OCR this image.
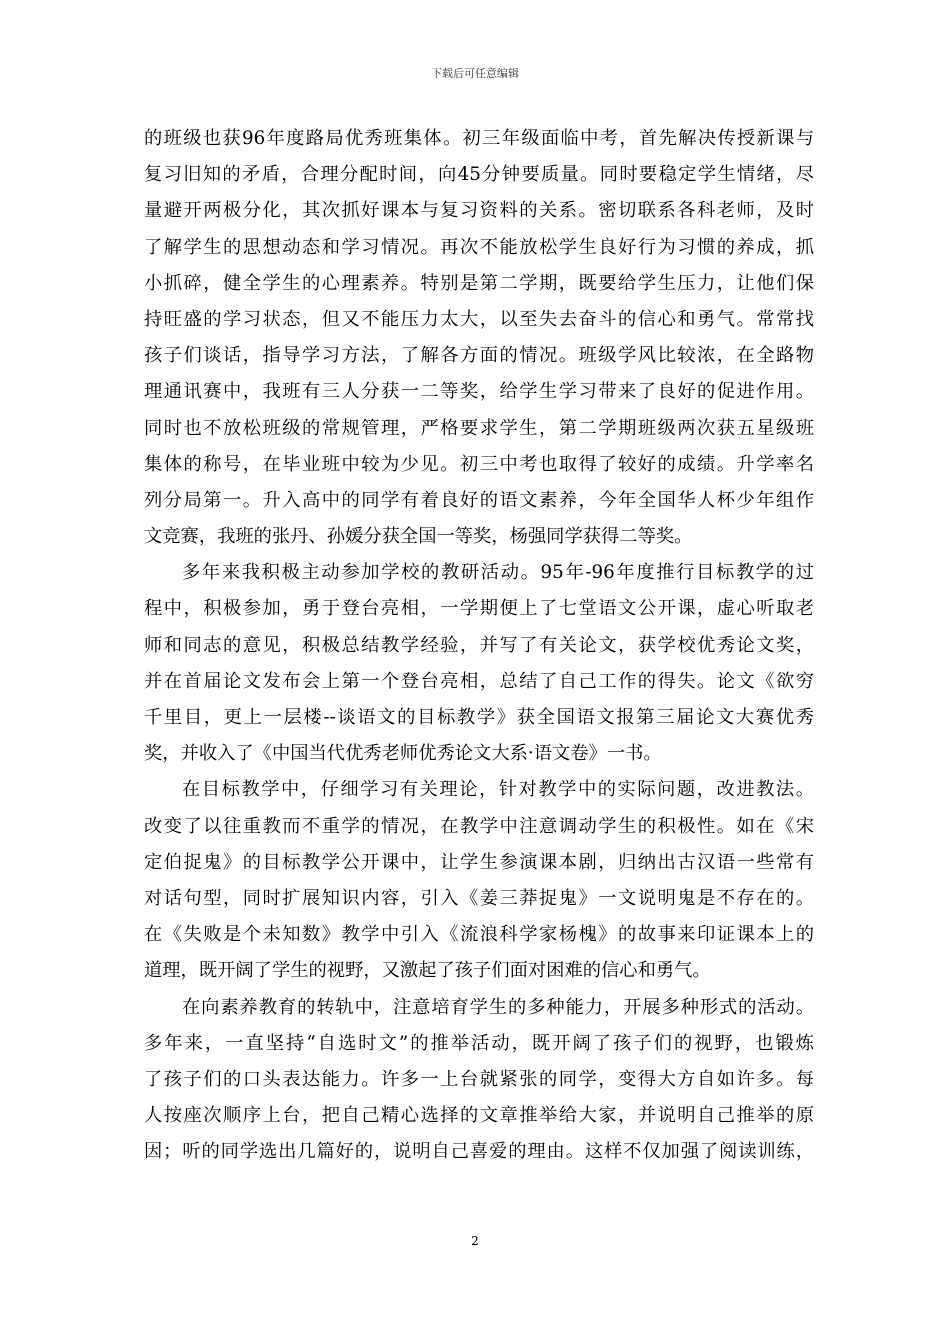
下载后可任意编辑
的班级也获96年度路局优秀班集体。初三年级面临中考，首先解决传授新课与
复习旧知的矛盾，合理分配时间，向45分钟要质量。同时要稳定学生情绪，尽
量避开两极分化，其次抓好课本与复习资料的关系。密切联系各科老师，及时
了解学生的思想动态和学习情况。再次不能放松学生良好行为习惯的养成，抓
小抓碎，健全学生的心理素养。特别是第二学期，既要给学生压力，让他们保
持旺盛的学习状态，但又不能压力太大，以至失去奋斗的信心和勇气。常常找
孩子们谈话，指导学习方法，了解各方面的情况。班级学风比较浓，在全路物
理通讯赛中，我班有三人分获一二等奖，给学生学习带来了良好的促进作用。
同时也不放松班级的常规管理，严格要求学生，第二学期班级两次获五星级班
集体的称号，在毕业班中较为少见。初三中考也取得了较好的成绩。升学率名
列分局第一。升入高中的同学有着良好的语文素养，今年全国华人杯少年组作
文竞赛，我班的张丹、孙媛分获全国一等奖，杨强同学获得二等奖。
多年来我积极主动参加学校的教研活动。95年-96年度推行目标教学的过
程中，积极参加，勇于登台亮相，一学期便上了七堂语文公开课，虚心听取老
师和同志的意见，积极总结教学经验，并写了有关论文，获学校优秀论文奖，
并在首届论文发布会上第一个登台亮相，总结了自己工作的得失。论文《欲穷
千里目，更上一层楼--谈语文的目标教学》获全国语文报第三届论文大赛优秀
奖，并收入了《中国当代优秀老师优秀论文大系·语文卷》一书。
在目标教学中，仔细学习有关理论，针对教学中的实际问题，改进教法。
改变了以往重教而不重学的情况，在教学中注意调动学生的积极性。如在《宋
定伯捉鬼》的目标教学公开课中，让学生参演课本剧，归纳出古汉语一些常有
对话句型，同时扩展知识内容，引入《姜三莽捉鬼》一文说明鬼是不存在的。
在《失败是个未知数》教学中引入《流浪科学家杨槐》的故事来印证课本上的
道理，既开阔了学生的视野，又激起了孩子们面对困难的信心和勇气。
在向素养教育的转轨中，注意培育学生的多种能力，开展多种形式的活动。
多年来，一直坚持“自选时文”的推举活动，既开阔了孩子们的视野，也锻炼
了孩子们的口头表达能力。许多一上台就紧张的同学，变得大方自如许多。每
人按座次顺序上台，把自己精心选择的文章推举给大家，并说明自己推举的原
因；听的同学选出几篇好的，说明自己喜爱的理由。这样不仅加强了阅读训练，
2
